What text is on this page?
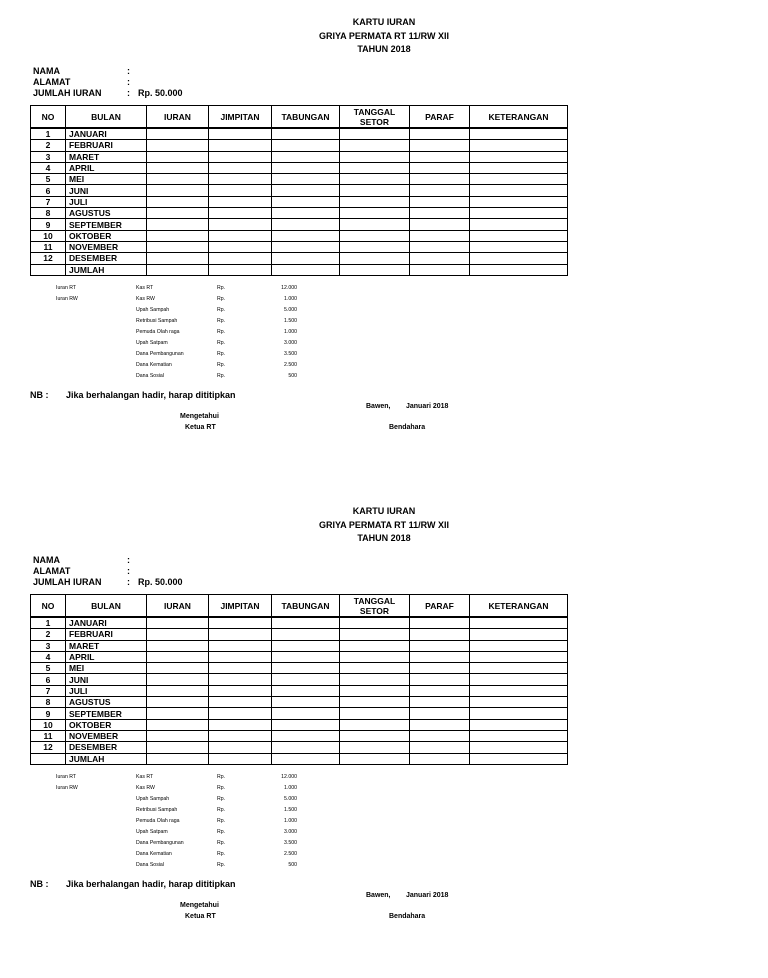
KARTU IURAN
GRIYA PERMATA RT 11/RW XII
TAHUN 2018
NAMA	:
ALAMAT	:
JUMLAH IURAN	: Rp. 50.000
NO	BULAN	IURAN	JIMPITAN	TABUNGAN	TANGGAL SETOR	PARAF	KETERANGAN
1	JANUARI						
2	FEBRUARI						
3	MARET						
4	APRIL						
5	MEI						
6	JUNI						
7	JULI						
8	AGUSTUS						
9	SEPTEMBER						
10	OKTOBER						
11	NOVEMBER						
12	DESEMBER						
	JUMLAH						
Iuran RT	Kas RT	Rp.	12.000
Iuran RW	Kas RW	Rp.	1.000
Upah Sampah	Rp.	5.000
Retribusi Sampah	Rp.	1.500
Pemuda Olah raga	Rp.	1.000
Upah Satpam	Rp.	3.000
Dana Pembangunan	Rp.	3.500
Dana Kematian	Rp.	2.500
Dana Sosial	Rp.	500
NB : Jika berhalangan hadir, harap dititipkan
Bawen, Januari 2018
Mengetahui
Ketua RT	Bendahara
KARTU IURAN
GRIYA PERMATA RT 11/RW XII
TAHUN 2018
NAMA	:
ALAMAT	:
JUMLAH IURAN	: Rp. 50.000
NO	BULAN	IURAN	JIMPITAN	TABUNGAN	TANGGAL SETOR	PARAF	KETERANGAN
1	JANUARI						
2	FEBRUARI						
3	MARET						
4	APRIL						
5	MEI						
6	JUNI						
7	JULI						
8	AGUSTUS						
9	SEPTEMBER						
10	OKTOBER						
11	NOVEMBER						
12	DESEMBER						
	JUMLAH						
Iuran RT	Kas RT	Rp.	12.000
Iuran RW	Kas RW	Rp.	1.000
Upah Sampah	Rp.	5.000
Retribusi Sampah	Rp.	1.500
Pemuda Olah raga	Rp.	1.000
Upah Satpam	Rp.	3.000
Dana Pembangunan	Rp.	3.500
Dana Kematian	Rp.	2.500
Dana Sosial	Rp.	500
NB : Jika berhalangan hadir, harap dititipkan
Bawen, Januari 2018
Mengetahui
Ketua RT	Bendahara
